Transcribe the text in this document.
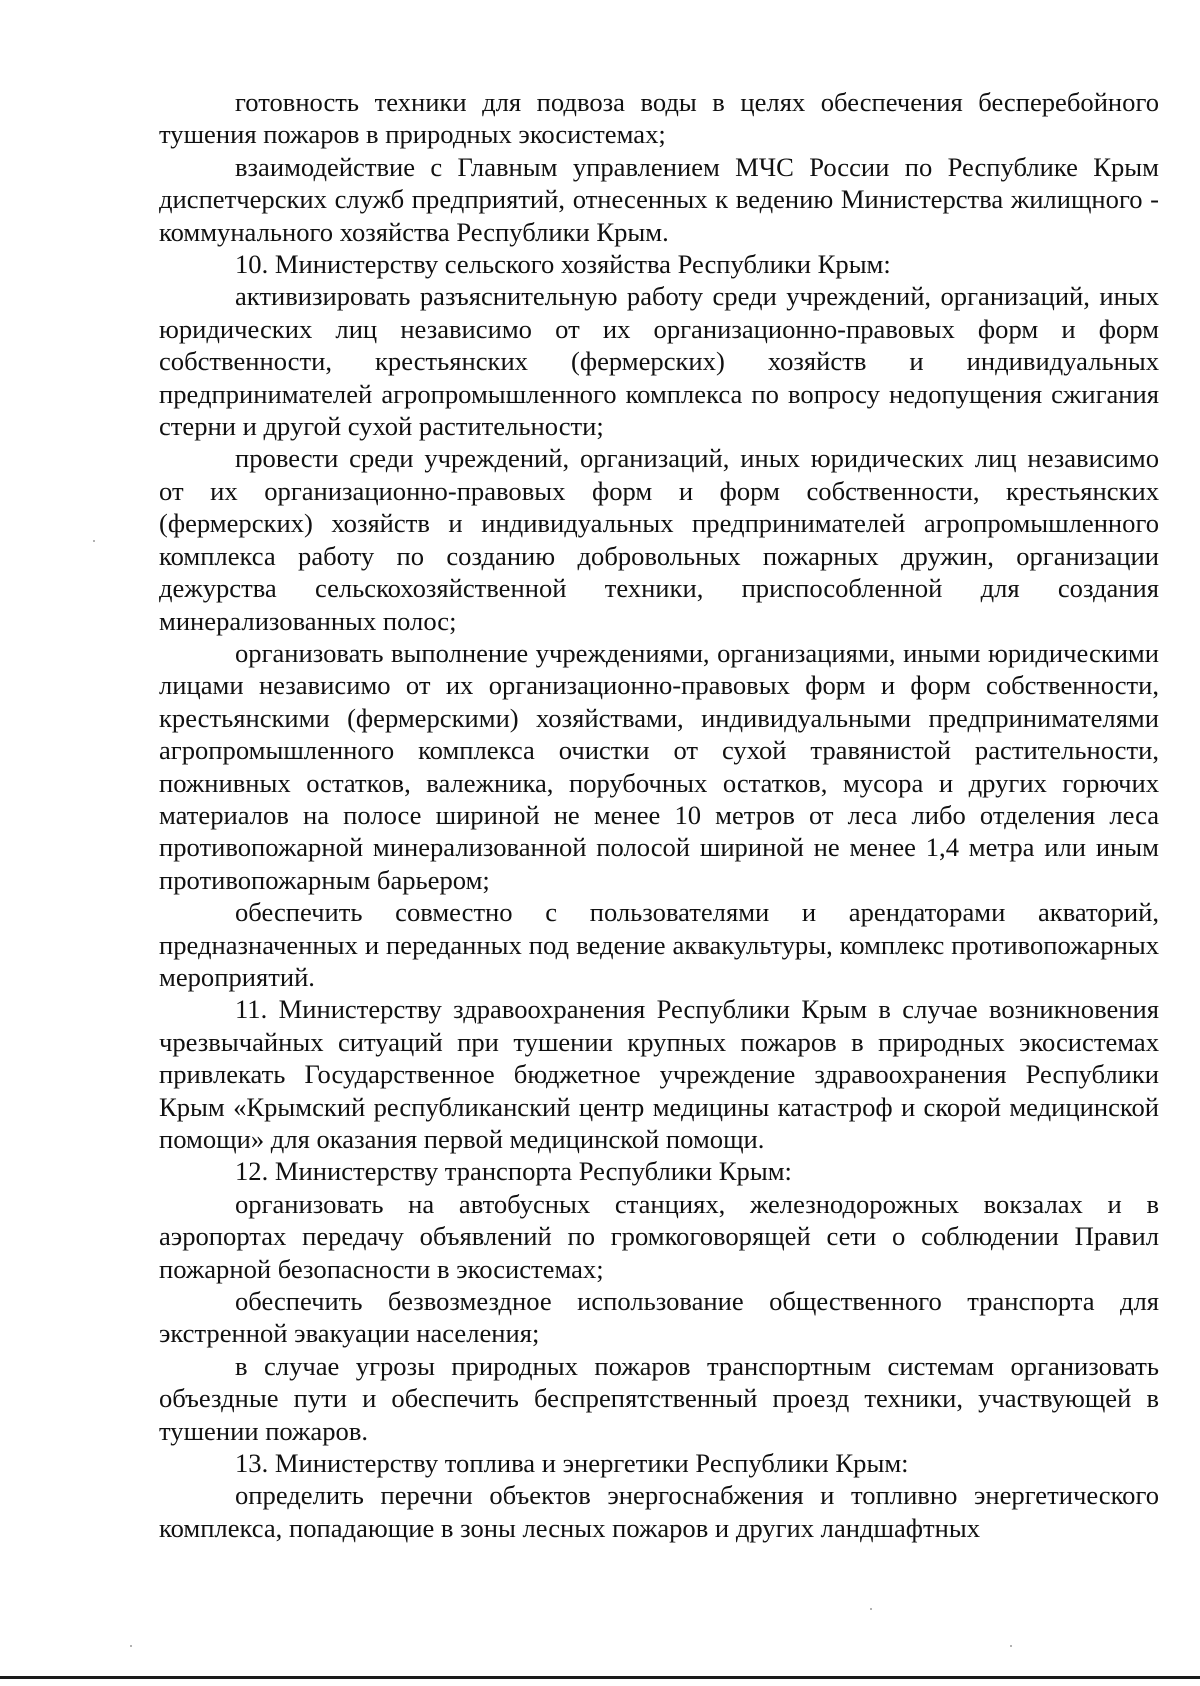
готовность техники для подвоза воды в целях обеспечения бесперебойного тушения пожаров в природных экосистемах;

взаимодействие с Главным управлением МЧС России по Республике Крым диспетчерских служб предприятий, отнесенных к ведению Министерства жилищного - коммунального хозяйства Республики Крым.

10. Министерству сельского хозяйства Республики Крым:

активизировать разъяснительную работу среди учреждений, организаций, иных юридических лиц независимо от их организационно-правовых форм и форм собственности, крестьянских (фермерских) хозяйств и индивидуальных предпринимателей агропромышленного комплекса по вопросу недопущения сжигания стерни и другой сухой растительности;

провести среди учреждений, организаций, иных юридических лиц независимо от их организационно-правовых форм и форм собственности, крестьянских (фермерских) хозяйств и индивидуальных предпринимателей агропромышленного комплекса работу по созданию добровольных пожарных дружин, организации дежурства сельскохозяйственной техники, приспособленной для создания минерализованных полос;

организовать выполнение учреждениями, организациями, иными юридическими лицами независимо от их организационно-правовых форм и форм собственности, крестьянскими (фермерскими) хозяйствами, индивидуальными предпринимателями агропромышленного комплекса очистки от сухой травянистой растительности, пожнивных остатков, валежника, порубочных остатков, мусора и других горючих материалов на полосе шириной не менее 10 метров от леса либо отделения леса противопожарной минерализованной полосой шириной не менее 1,4 метра или иным противопожарным барьером;

обеспечить совместно с пользователями и арендаторами акваторий, предназначенных и переданных под ведение аквакультуры, комплекс противопожарных мероприятий.

11. Министерству здравоохранения Республики Крым в случае возникновения чрезвычайных ситуаций при тушении крупных пожаров в природных экосистемах привлекать Государственное бюджетное учреждение здравоохранения Республики Крым «Крымский республиканский центр медицины катастроф и скорой медицинской помощи» для оказания первой медицинской помощи.

12. Министерству транспорта Республики Крым:

организовать на автобусных станциях, железнодорожных вокзалах и в аэропортах передачу объявлений по громкоговорящей сети о соблюдении Правил пожарной безопасности в экосистемах;

обеспечить безвозмездное использование общественного транспорта для экстренной эвакуации населения;

в случае угрозы природных пожаров транспортным системам организовать объездные пути и обеспечить беспрепятственный проезд техники, участвующей в тушении пожаров.

13. Министерству топлива и энергетики Республики Крым:

определить перечни объектов энергоснабжения и топливно энергетического комплекса, попадающие в зоны лесных пожаров и других ландшафтных
